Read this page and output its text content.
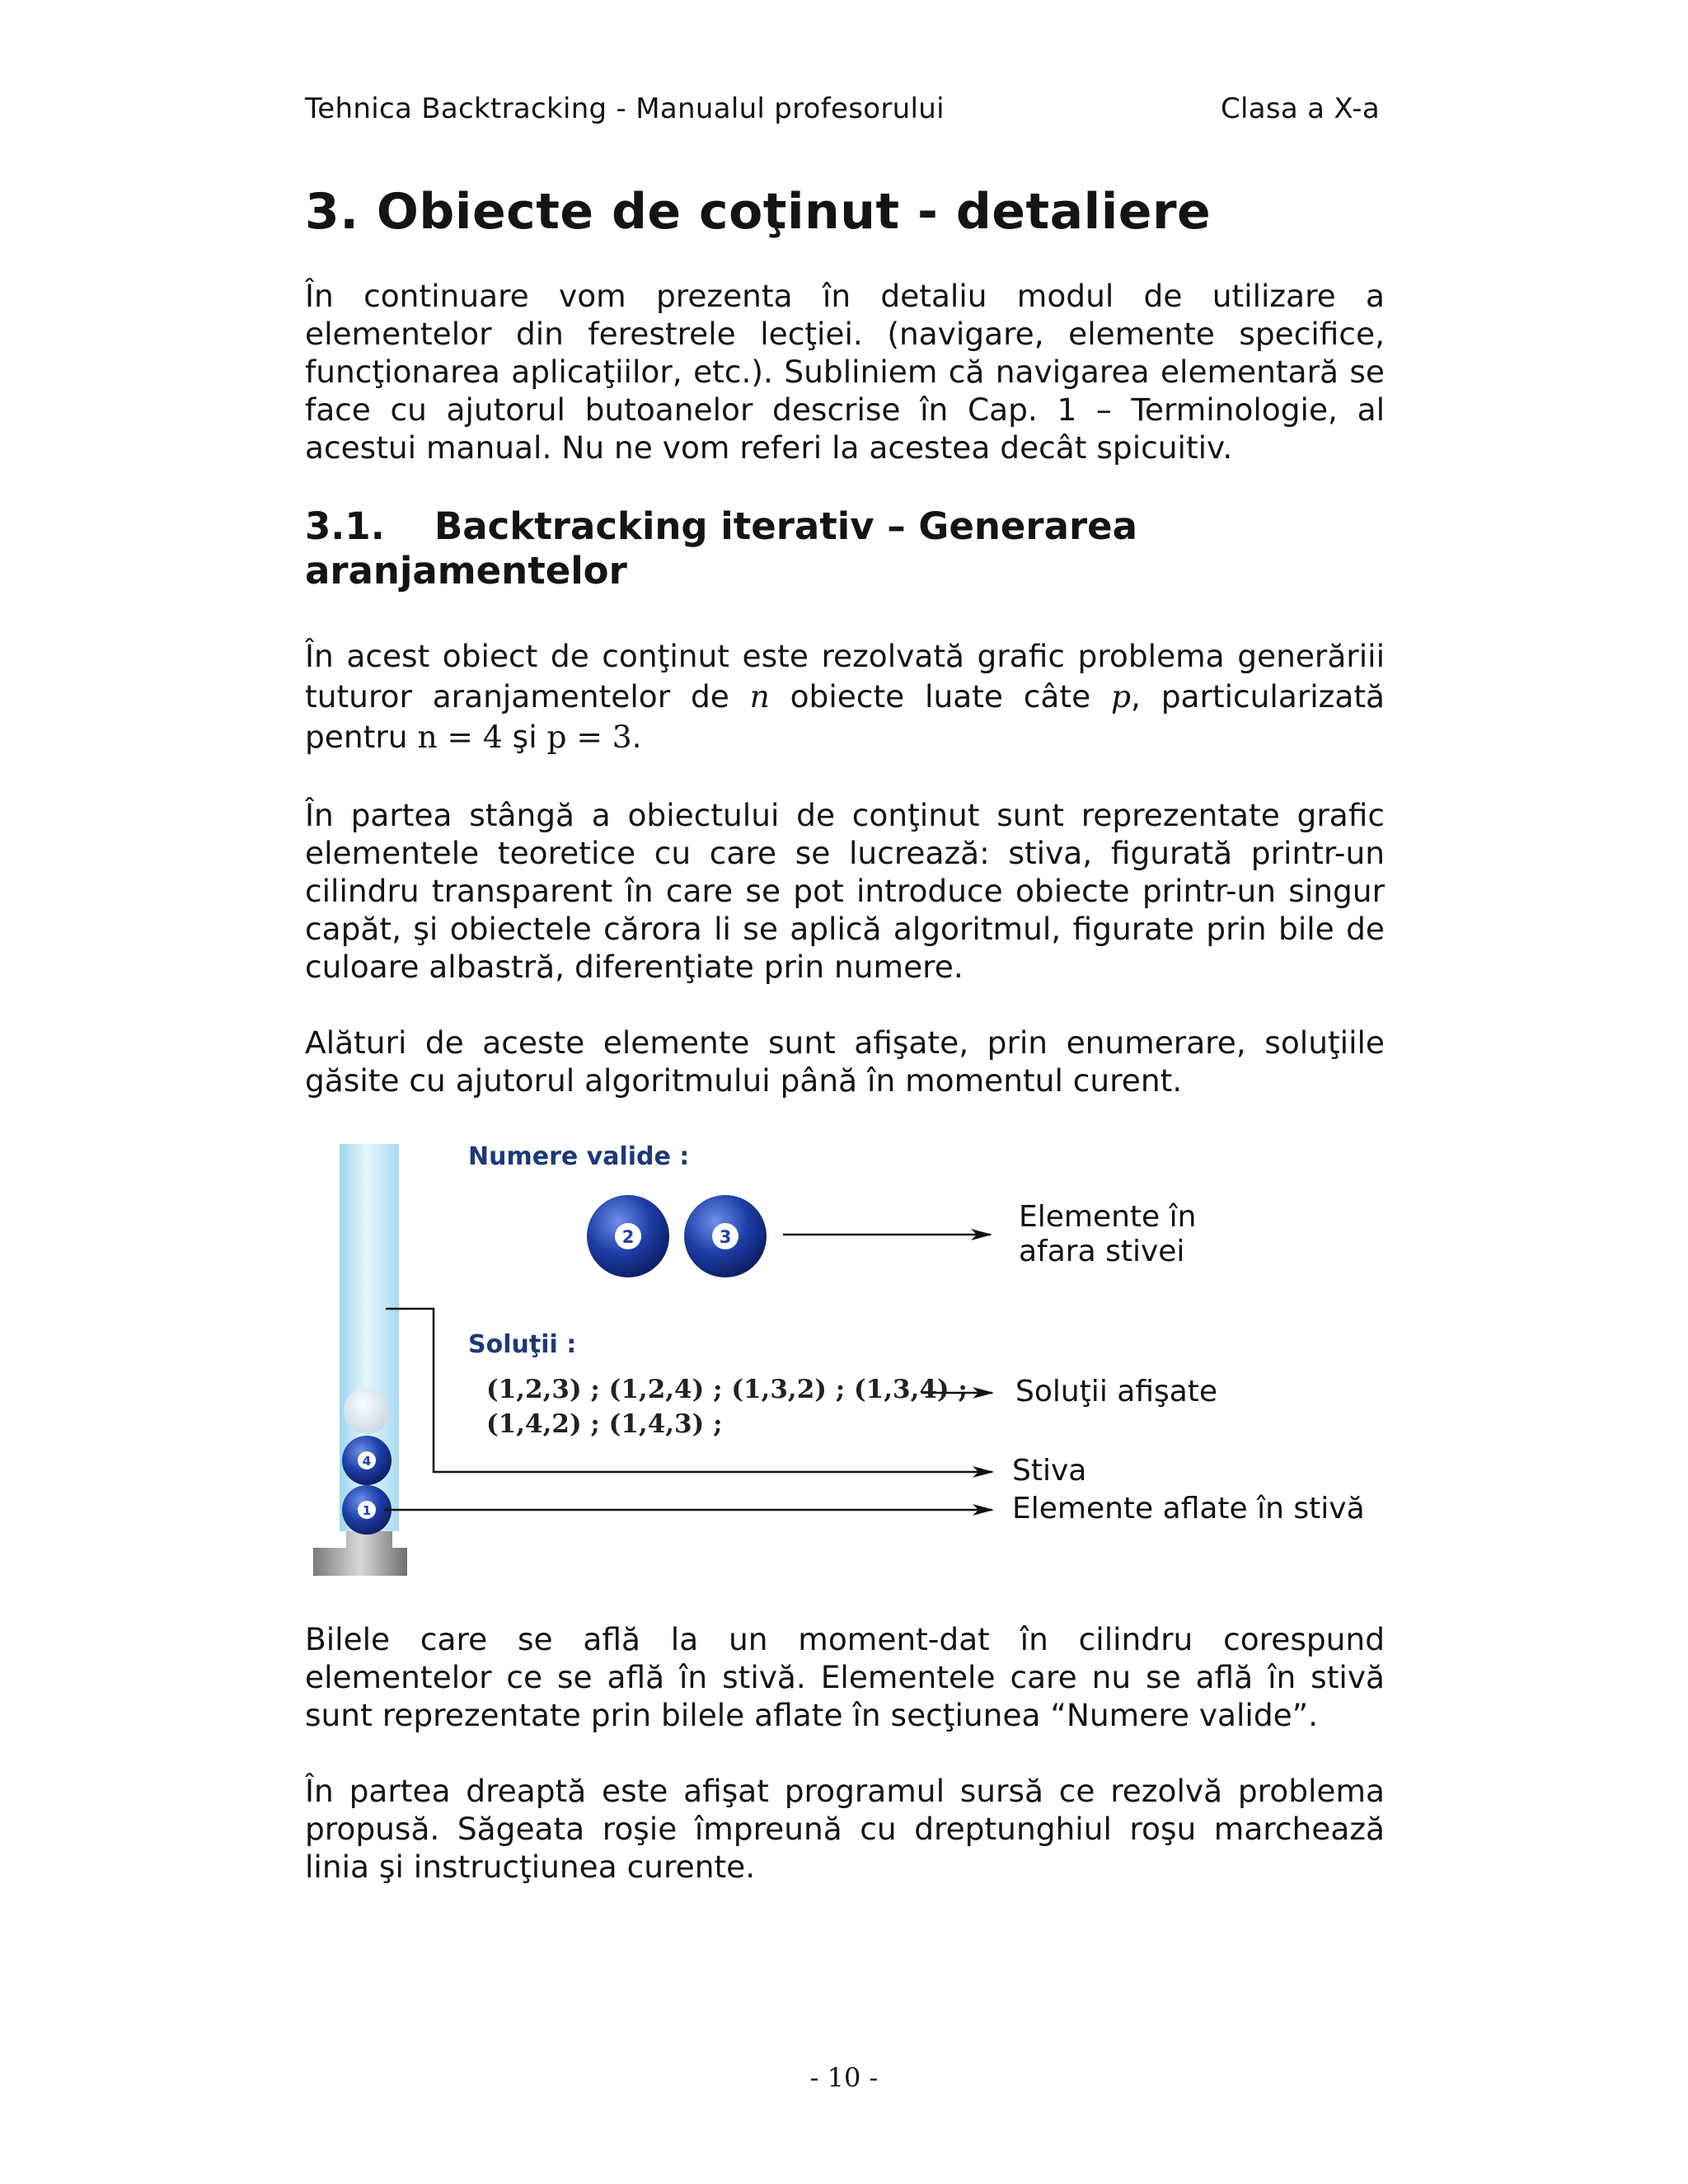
Tehnica Backtracking - Manualul profesorului	Clasa a X-a
3. Obiecte de coţinut - detaliere

În continuare vom prezenta în detaliu modul de utilizare a elementelor din ferestrele lecţiei. (navigare, elemente specifice, funcţionarea aplicaţiilor, etc.). Subliniem că navigarea elementară se face cu ajutorul butoanelor descrise în Cap. 1 – Terminologie, al acestui manual. Nu ne vom referi la acestea decât spicuitiv.

3.1. Backtracking iterativ – Generarea aranjamentelor

În acest obiect de conţinut este rezolvată grafic problema generăriii tuturor aranjamentelor de n obiecte luate câte p, particularizată pentru n = 4 şi p = 3.

În partea stângă a obiectului de conţinut sunt reprezentate grafic elementele teoretice cu care se lucrează: stiva, figurată printr-un cilindru transparent în care se pot introduce obiecte printr-un singur capăt, şi obiectele cărora li se aplică algoritmul, figurate prin bile de culoare albastră, diferenţiate prin numere.

Alături de aceste elemente sunt afişate, prin enumerare, soluţiile găsite cu ajutorul algoritmului până în momentul curent.

4
1
2	3
Numere valide :
Soluţii :
(1,2,3) ; (1,2,4) ; (1,3,2) ; (1,3,4) ;
(1,4,2) ; (1,4,3) ;
Elemente în
afara stivei
Soluţii afişate
Stiva
Elemente aflate în stivă

Bilele care se află la un moment-dat în cilindru corespund elementelor ce se află în stivă. Elementele care nu se află în stivă sunt reprezentate prin bilele aflate în secţiunea “Numere valide”.

În partea dreaptă este afişat programul sursă ce rezolvă problema propusă. Săgeata roşie împreună cu dreptunghiul roşu marchează linia şi instrucţiunea curente.

- 10 -
